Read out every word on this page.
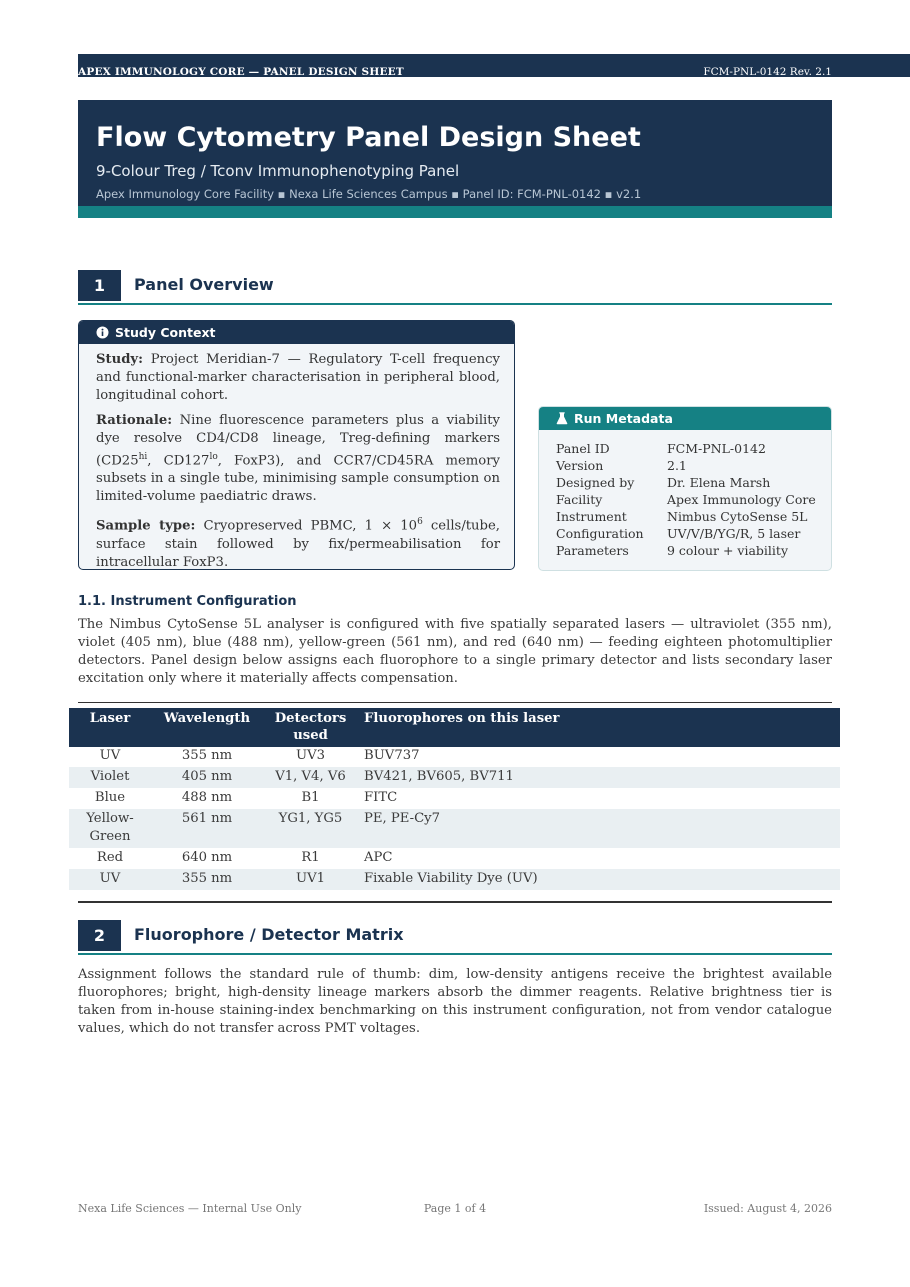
APEX IMMUNOLOGY CORE — PANEL DESIGN SHEET	FCM-PNL-0142 Rev. 2.1
Flow Cytometry Panel Design Sheet
9-Colour Treg / Tconv Immunophenotyping Panel
Apex Immunology Core Facility ▪ Nexa Life Sciences Campus ▪ Panel ID: FCM-PNL-0142 ▪ v2.1
1	Panel Overview
Study Context

Study: Project Meridian-7 — Regulatory T-cell frequency and functional-marker characterisation in peripheral blood, longitudinal cohort.

Rationale: Nine fluorescence parameters plus a viability dye resolve CD4/CD8 lineage, Treg-defining markers ($CD25^{hi}$, $CD127^{lo}$, FoxP3), and CCR7/CD45RA memory subsets in a single tube, minimising sample consumption on limited-volume paediatric draws.

Sample type: Cryopreserved PBMC, $1 \times 10^6$ cells/tube, surface stain followed by fix/permeabilisation for intracellular FoxP3.

Run Metadata
Panel ID	FCM-PNL-0142
Version	2.1
Designed by	Dr. Elena Marsh
Facility	Apex Immunology Core
Instrument	Nimbus CytoSense 5L
Configuration	UV/V/B/YG/R, 5 laser
Parameters	9 colour + viability
1.1. Instrument Configuration
The Nimbus CytoSense 5L analyser is configured with five spatially separated lasers — ultraviolet (355 nm), violet (405 nm), blue (488 nm), yellow-green (561 nm), and red (640 nm) — feeding eighteen photomultiplier detectors. Panel design below assigns each fluorophore to a single primary detector and lists secondary laser excitation only where it materially affects compensation.
Laser	Wavelength	Detectors used	Fluorophores on this laser
UV	355 nm	UV3	BUV737
Violet	405 nm	V1, V4, V6	BV421, BV605, BV711
Blue	488 nm	B1	FITC
Yellow-Green	561 nm	YG1, YG5	PE, PE-Cy7
Red	640 nm	R1	APC
UV	355 nm	UV1	Fixable Viability Dye (UV)
2	Fluorophore / Detector Matrix
Assignment follows the standard rule of thumb: dim, low-density antigens receive the brightest available fluorophores; bright, high-density lineage markers absorb the dimmer reagents. Relative brightness tier is taken from in-house staining-index benchmarking on this instrument configuration, not from vendor catalogue values, which do not transfer across PMT voltages.
Nexa Life Sciences — Internal Use Only	Page 1 of 4	Issued: August 4, 2026
